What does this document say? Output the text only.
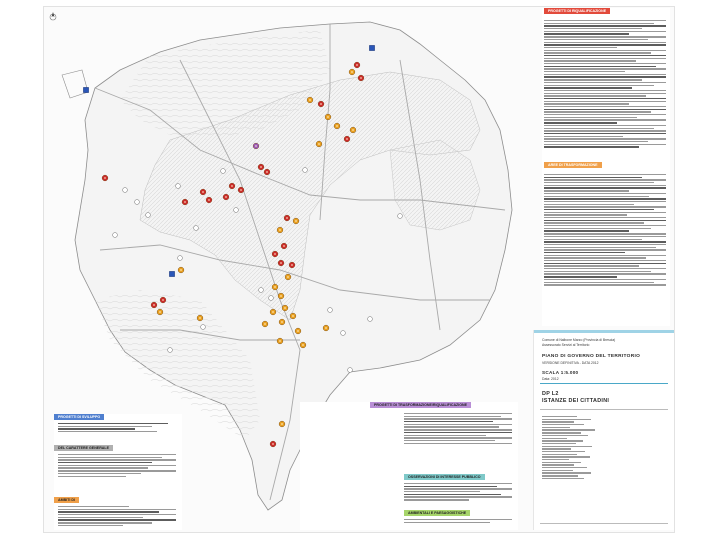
PROGETTI DI RIQUALIFICAZIONE
AREE DI TRASFORMAZIONE
PROGETTI DI SVILUPPO
DEL CARATTERE GENERALE
AMBITI DI
PROGETTI DI TRASFORMAZIONE/RIQUALIFICAZIONE
OSSERVAZIONI DI INTERESSE PUBBLICO
AMBIENTALI E PAESAGGISTICHE
Comune di Nalbone Marzo (Provincia di Brescia)
Assessorato Servizi al Territorio
PIANO DI GOVERNO DEL TERRITORIO
VERSIONE DEFINITIVA - DATA 2012
SCALA 1:5.000
Data: 2012
DP L2
ISTANZE DEI CITTADINI
